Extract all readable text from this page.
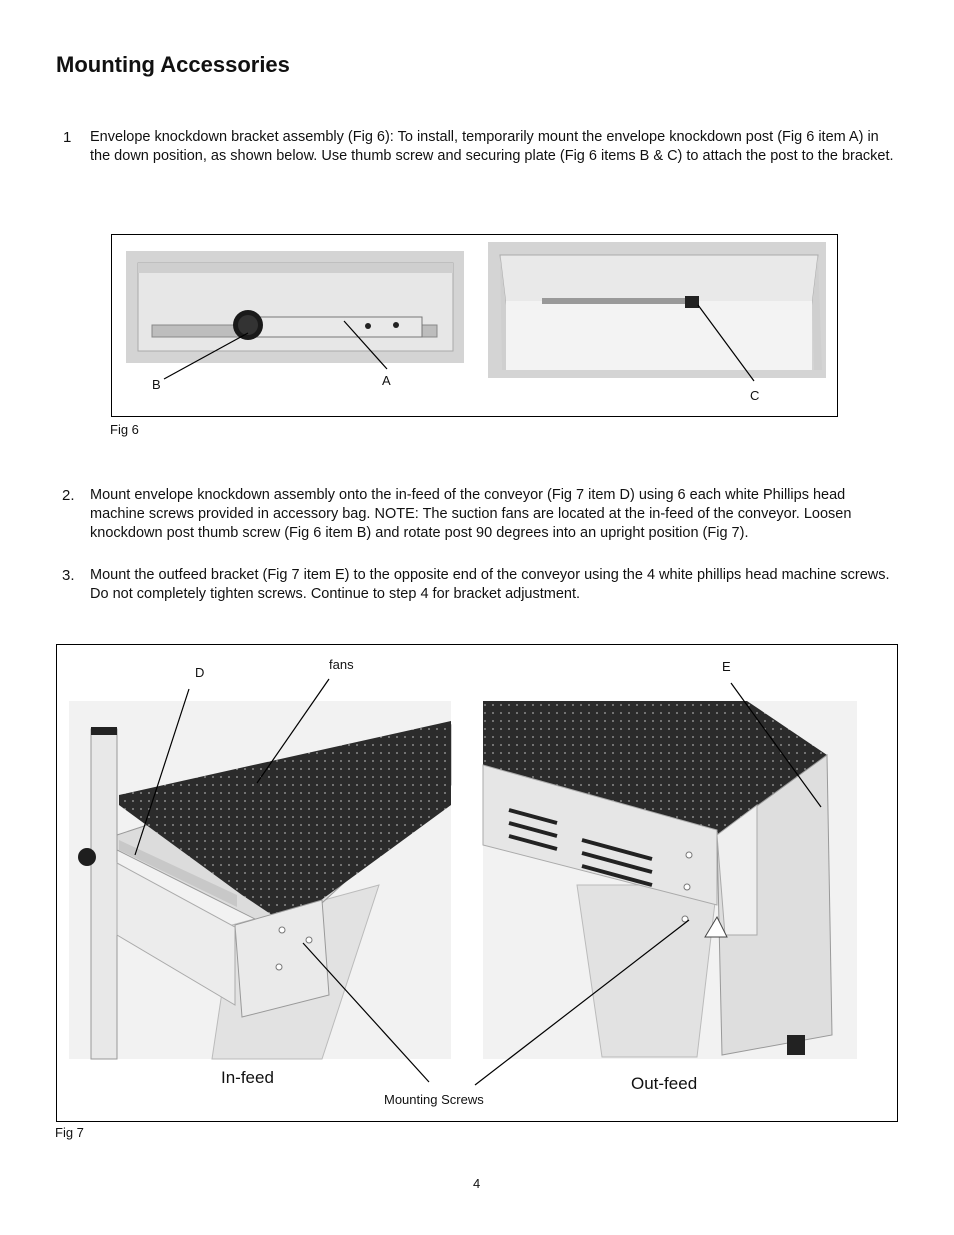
Mounting Accessories
1 Envelope knockdown bracket assembly (Fig 6): To install, temporarily mount the envelope knockdown post (Fig 6 item A) in the down position, as shown below. Use thumb screw and securing plate (Fig 6 items B & C) to attach the post to the bracket.
B	A
C
Fig 6
2. Mount envelope knockdown assembly onto the in-feed of the conveyor (Fig 7 item D) using 6 each white Phillips head machine screws provided in accessory bag. NOTE: The suction fans are located at the in-feed of the conveyor. Loosen knockdown post thumb screw (Fig 6 item B) and rotate post 90 degrees into an upright position (Fig 7).
3. Mount the outfeed bracket (Fig 7 item E) to the opposite end of the conveyor using the 4 white phillips head machine screws. Do not completely tighten screws. Continue to step 4 for bracket adjustment.
D
fans	E
In-feed	Out-feed
Mounting Screws
Fig 7
4
